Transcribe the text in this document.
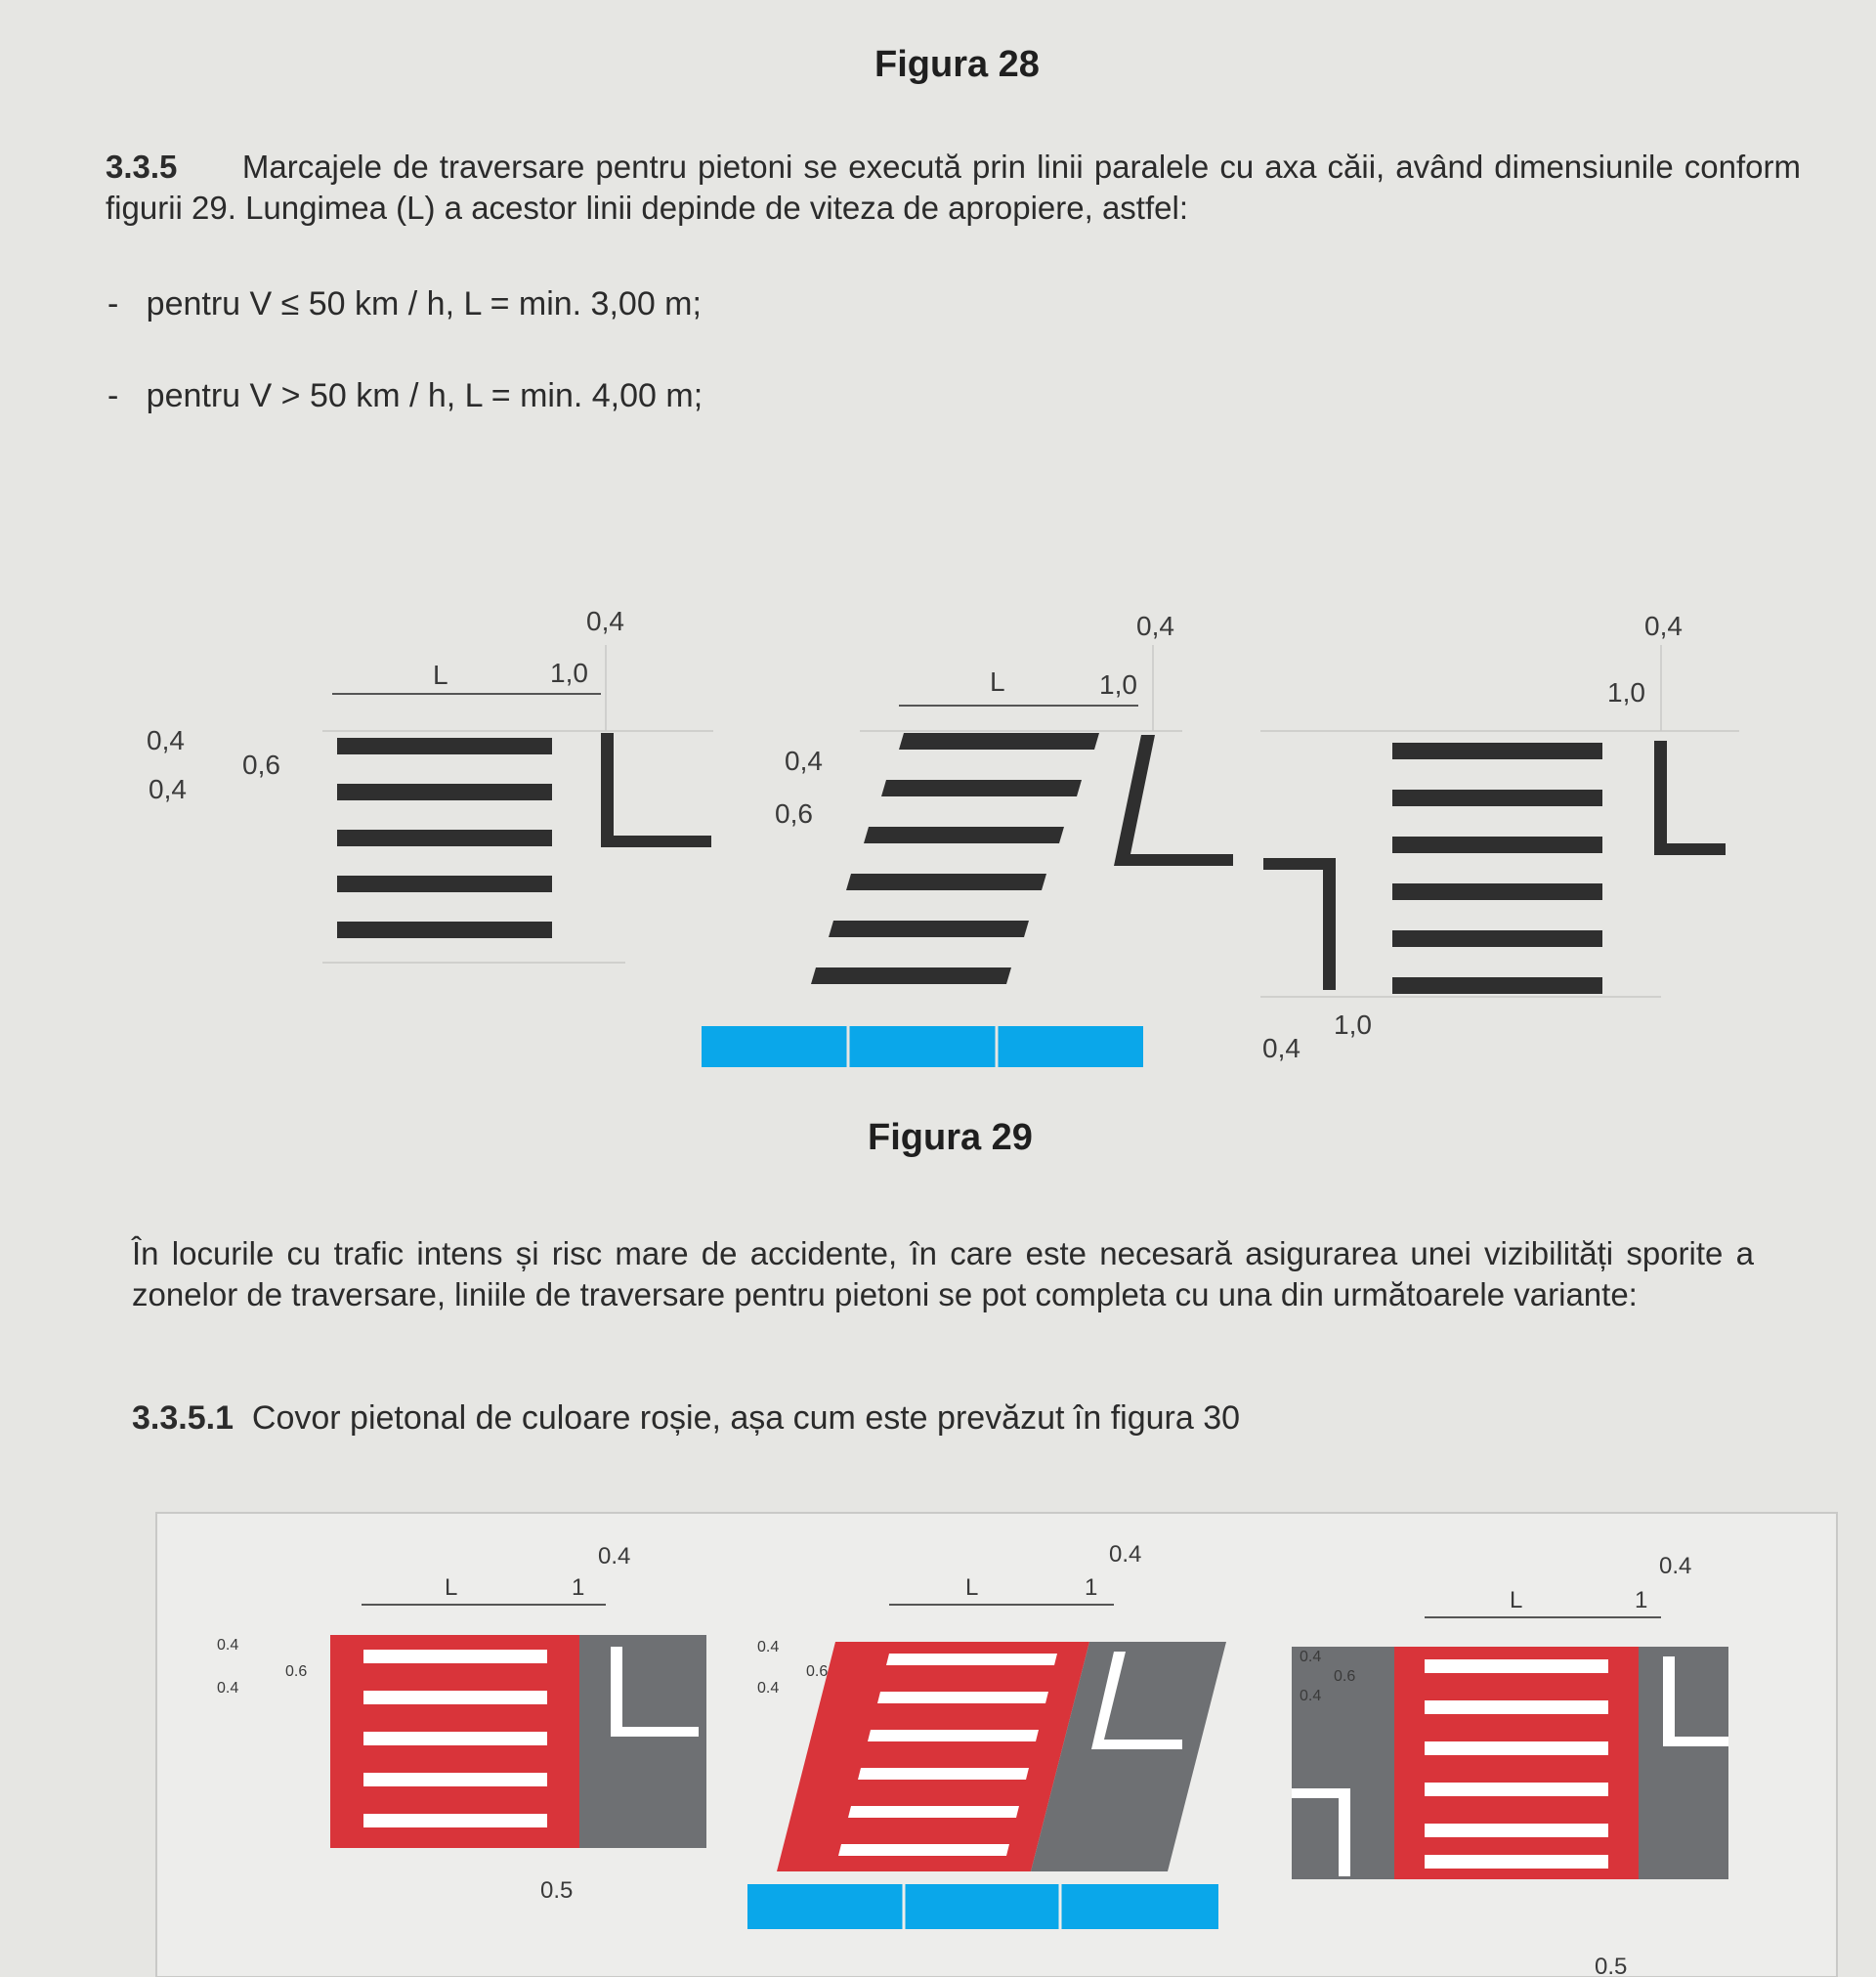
Figura 28
3.3.5 Marcajele de traversare pentru pietoni se execută prin linii paralele cu axa căii, având dimensiunile conform figurii 29. Lungimea (L) a acestor linii depinde de viteza de apropiere, astfel:
- pentru V ≤ 50 km / h, L = min. 3,00 m;
- pentru V > 50 km / h, L = min. 4,00 m;
0,4
L	1,0
0,4
0,6
0,4
0,4
L	1,0
0,4
0,6
0,4
1,0
1,0
0,4
Figura 29
În locurile cu trafic intens și risc mare de accidente, în care este necesară asigurarea unei vizibilități sporite a zonelor de traversare, liniile de traversare pentru pietoni se pot completa cu una din următoarele variante:
3.3.5.1 Covor pietonal de culoare roșie, așa cum este prevăzut în figura 30
0.4
L	1
0.5
0.4
0.6
0.4
0.4
L	1
0.4
0.6
0.4
0.4
L	1
0.5
0.4
0.6
0.4
